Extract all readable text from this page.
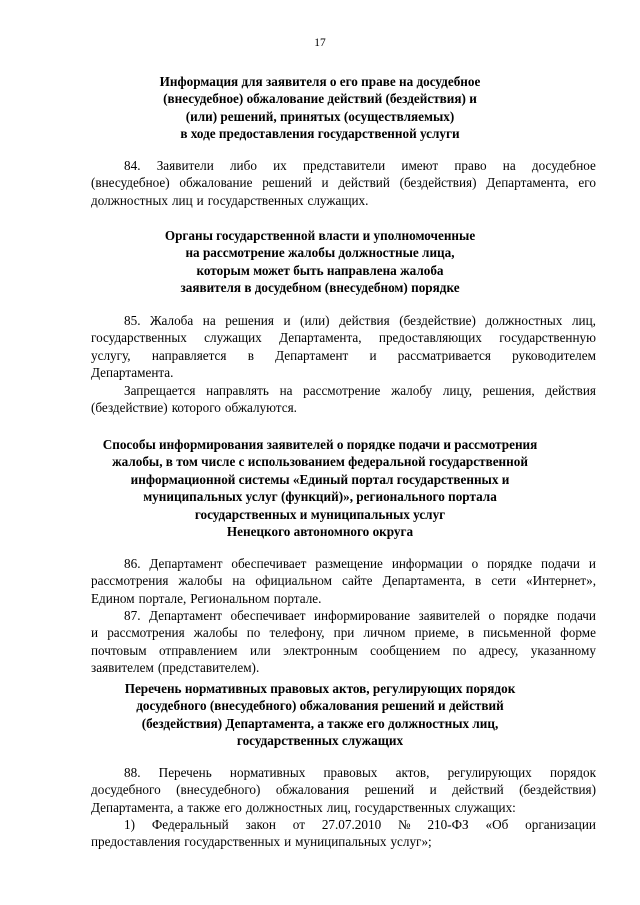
17
Информация для заявителя о его праве на досудебное
(внесудебное) обжалование действий (бездействия) и
(или) решений, принятых (осуществляемых)
в ходе предоставления государственной услуги
84. Заявители либо их представители имеют право на досудебное
(внесудебное) обжалование решений и действий (бездействия) Департамента, его
должностных лиц и государственных служащих.
Органы государственной власти и уполномоченные
на рассмотрение жалобы должностные лица,
которым может быть направлена жалоба
заявителя в досудебном (внесудебном) порядке
85. Жалоба на решения и (или) действия (бездействие) должностных лиц,
государственных служащих Департамента, предоставляющих государственную
услугу, направляется в Департамент и рассматривается руководителем
Департамента.
Запрещается направлять на рассмотрение жалобу лицу, решения, действия
(бездействие) которого обжалуются.
Способы информирования заявителей о порядке подачи и рассмотрения
жалобы, в том числе с использованием федеральной государственной
информационной системы «Единый портал государственных и
муниципальных услуг (функций)», регионального портала
государственных и муниципальных услуг
Ненецкого автономного округа
86. Департамент обеспечивает размещение информации о порядке подачи и
рассмотрения жалобы на официальном сайте Департамента, в сети «Интернет»,
Едином портале, Региональном портале.
87. Департамент обеспечивает информирование заявителей о порядке подачи
и рассмотрения жалобы по телефону, при личном приеме, в письменной форме
почтовым отправлением или электронным сообщением по адресу, указанному
заявителем (представителем).
Перечень нормативных правовых актов, регулирующих порядок
досудебного (внесудебного) обжалования решений и действий
(бездействия) Департамента, а также его должностных лиц,
государственных служащих
88. Перечень нормативных правовых актов, регулирующих порядок
досудебного (внесудебного) обжалования решений и действий (бездействия)
Департамента, а также его должностных лиц, государственных служащих:
1) Федеральный закон от 27.07.2010 № 210-ФЗ «Об организации
предоставления государственных и муниципальных услуг»;
